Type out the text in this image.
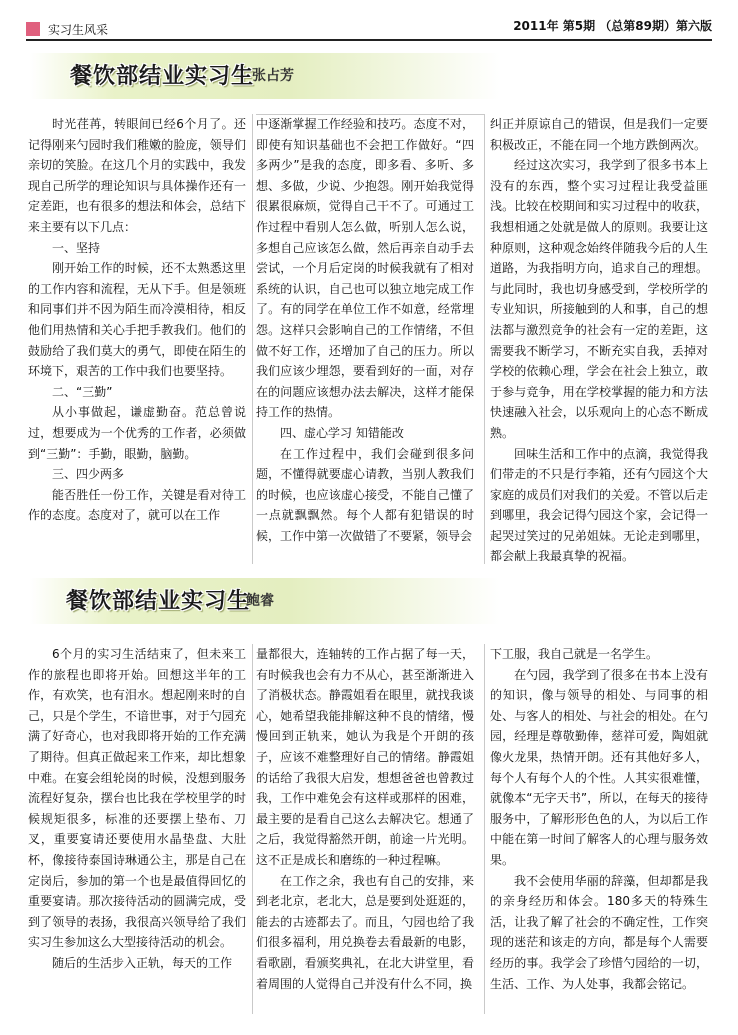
实习生风采	2011年 第5期 （总第89期）第六版
餐饮部结业实习生
张占芳

时光荏苒，转眼间已经6个月了。还记得刚来勺园时我们稚嫩的脸庞，领导们亲切的笑脸。在这几个月的实践中，我发现自己所学的理论知识与具体操作还有一定差距，也有很多的想法和体会，总结下来主要有以下几点：

一、坚持

刚开始工作的时候，还不太熟悉这里的工作内容和流程，无从下手。但是领班和同事们并不因为陌生而冷漠相待，相反他们用热情和关心手把手教我们。他们的鼓励给了我们莫大的勇气，即使在陌生的环境下，艰苦的工作中我们也要坚持。

二、“三勤”

从小事做起，谦虚勤奋。范总曾说过，想要成为一个优秀的工作者，必须做到“三勤”：手勤，眼勤，脑勤。

三、四少两多

能否胜任一份工作，关键是看对待工作的态度。态度对了，就可以在工作

中逐渐掌握工作经验和技巧。态度不对，即使有知识基础也不会把工作做好。“四多两少”是我的态度，即多看、多听、多想、多做，少说、少抱怨。刚开始我觉得很累很麻烦，觉得自己干不了。可通过工作过程中看别人怎么做，听别人怎么说，多想自己应该怎么做，然后再亲自动手去尝试，一个月后定岗的时候我就有了相对系统的认识，自己也可以独立地完成工作了。有的同学在单位工作不如意，经常埋怨。这样只会影响自己的工作情绪，不但做不好工作，还增加了自己的压力。所以我们应该少埋怨，要看到好的一面，对存在的问题应该想办法去解决，这样才能保持工作的热情。

四、虚心学习 知错能改

在工作过程中，我们会碰到很多问题，不懂得就要虚心请教，当别人教我们的时候，也应该虚心接受，不能自己懂了一点就飘飘然。每个人都有犯错误的时候，工作中第一次做错了不要紧，领导会

纠正并原谅自己的错误，但是我们一定要积极改正，不能在同一个地方跌倒两次。

经过这次实习，我学到了很多书本上没有的东西，整个实习过程让我受益匪浅。比较在校期间和实习过程中的收获，我想相通之处就是做人的原则。我要让这种原则，这种观念始终伴随我今后的人生道路，为我指明方向，追求自己的理想。与此同时，我也切身感受到，学校所学的专业知识，所接触到的人和事，自己的想法都与激烈竞争的社会有一定的差距，这需要我不断学习，不断充实自我，丢掉对学校的依赖心理，学会在社会上独立，敢于参与竞争，用在学校掌握的能力和方法快速融入社会，以乐观向上的心态不断成熟。

回味生活和工作中的点滴，我觉得我们带走的不只是行李箱，还有勺园这个大家庭的成员们对我们的关爱。不管以后走到哪里，我会记得勺园这个家，会记得一起哭过笑过的兄弟姐妹。无论走到哪里，都会献上我最真挚的祝福。

餐饮部结业实习生
鲍睿

6个月的实习生活结束了，但未来工作的旅程也即将开始。回想这半年的工作，有欢笑，也有泪水。想起刚来时的自己，只是个学生，不谙世事，对于勺园充满了好奇心，也对我即将开始的工作充满了期待。但真正做起来工作来，却比想象中难。在宴会组轮岗的时候，没想到服务流程好复杂，摆台也比我在学校里学的时候规矩很多，标准的还要摆上垫布、刀叉，重要宴请还要使用水晶垫盘、大肚杯，像接待泰国诗琳通公主，那是自己在定岗后，参加的第一个也是最值得回忆的重要宴请。那次接待活动的圆满完成，受到了领导的表扬，我很高兴领导给了我们实习生参加这么大型接待活动的机会。

随后的生活步入正轨，每天的工作

量都很大，连轴转的工作占据了每一天，有时候我也会有力不从心，甚至渐渐进入了消极状态。静霞姐看在眼里，就找我谈心，她希望我能排解这种不良的情绪，慢慢回到正轨来，她认为我是个开朗的孩子，应该不难整理好自己的情绪。静霞姐的话给了我很大启发，想想爸爸也曾教过我，工作中难免会有这样或那样的困难，最主要的是看自己这么去解决它。想通了之后，我觉得豁然开朗，前途一片光明。这不正是成长和磨练的一种过程嘛。

在工作之余，我也有自己的安排，来到老北京，老北大，总是要到处逛逛的，能去的古迹都去了。而且，勺园也给了我们很多福利，用兑换卷去看最新的电影，看歌剧，看颁奖典礼，在北大讲堂里，看着周围的人觉得自己并没有什么不同，换

下工服，我自己就是一名学生。

在勺园，我学到了很多在书本上没有的知识，像与领导的相处、与同事的相处、与客人的相处、与社会的相处。在勺园，经理是尊敬勤俸，慈祥可爱，陶姐就像火龙果，热情开朗。还有其他好多人，每个人有每个人的个性。人其实很难懂，就像本“无字天书”，所以，在每天的接待服务中，了解形形色色的人，为以后工作中能在第一时间了解客人的心理与服务效果。

我不会使用华丽的辞藻，但却都是我的亲身经历和体会。180多天的特殊生活，让我了解了社会的不确定性，工作突现的迷茫和该走的方向，都是每个人需要经历的事。我学会了珍惜勺园给的一切，生活、工作、为人处事，我都会铭记。
